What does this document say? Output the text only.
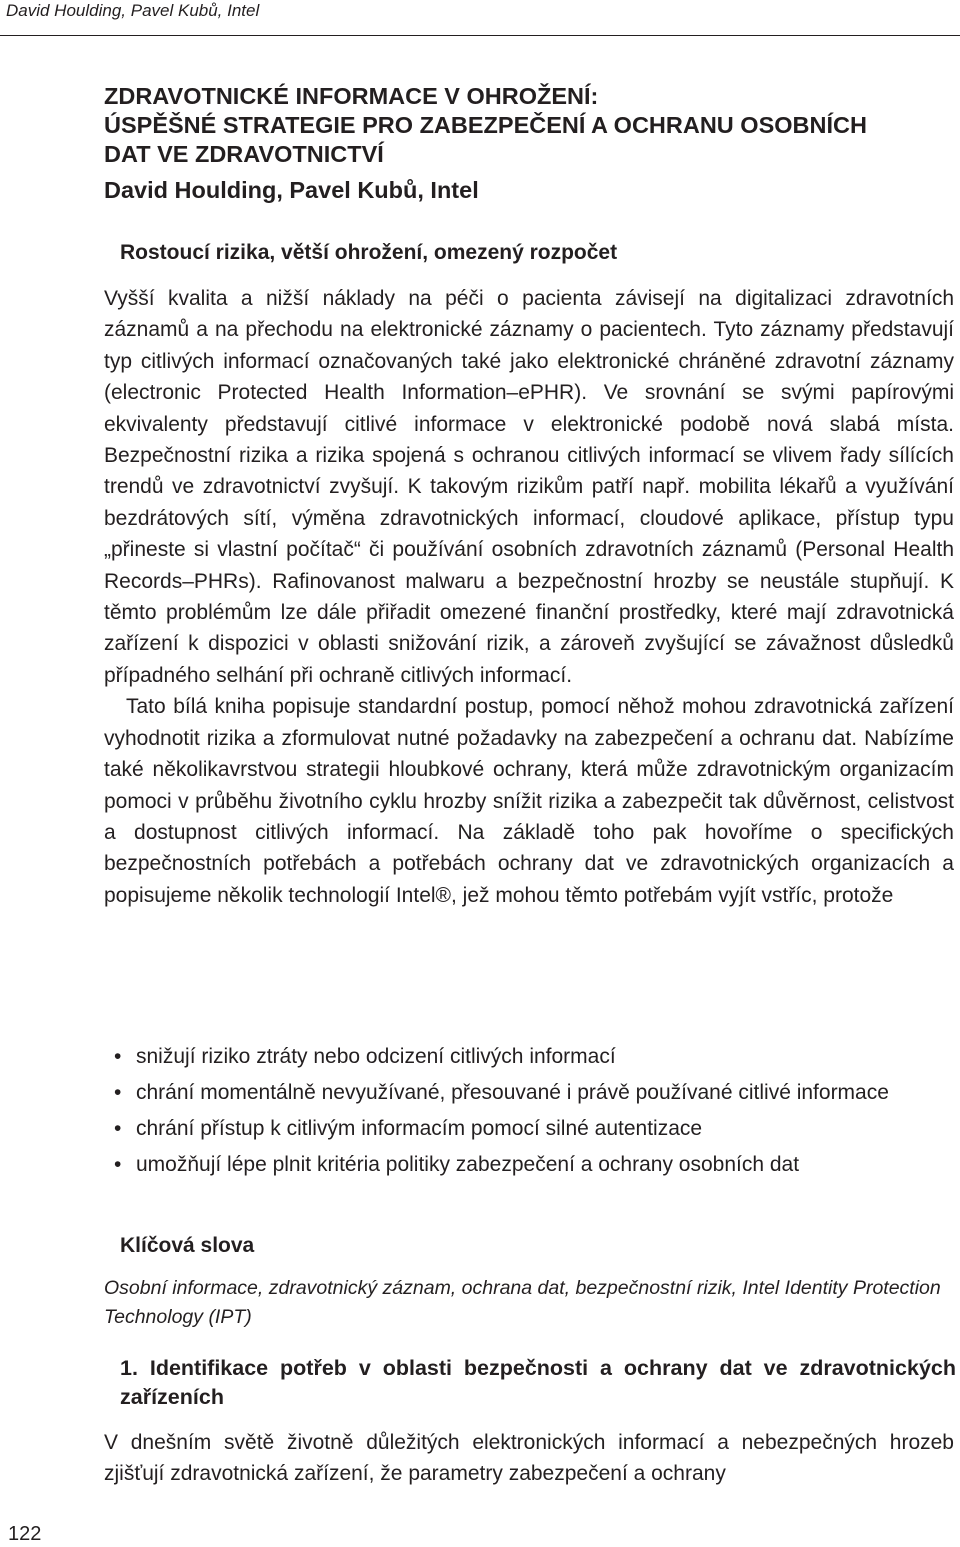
David Houlding, Pavel Kubů, Intel
ZDRAVOTNICKÉ INFORMACE V OHROŽENÍ:
ÚSPĚŠNÉ STRATEGIE PRO ZABEZPEČENÍ A OCHRANU OSOBNÍCH
DAT VE ZDRAVOTNICTVÍ
David Houlding, Pavel Kubů, Intel
Rostoucí rizika, větší ohrožení, omezený rozpočet

Vyšší kvalita a nižší náklady na péči o pacienta závisejí na digitalizaci zdravotních záznamů a na přechodu na elektronické záznamy o pacientech. Tyto záznamy představují typ citlivých informací označovaných také jako elektronické chráněné zdravotní záznamy (electronic Protected Health Information–ePHR). Ve srovnání se svými papírovými ekvivalenty představují citlivé informace v elektronické podobě nová slabá místa. Bezpečnostní rizika a rizika spojená s ochranou citlivých informací se vlivem řady sílících trendů ve zdravotnictví zvyšují. K takovým rizikům patří např. mobilita lékařů a využívání bezdrátových sítí, výměna zdravotnických informací, cloudové aplikace, přístup typu „přineste si vlastní počítač“ či používání osobních zdravotních záznamů (Personal Health Records–PHRs). Rafinovanost malwaru a bezpečnostní hrozby se neustále stupňují. K těmto problémům lze dále přiřadit omezené finanční prostředky, které mají zdravotnická zařízení k dispozici v oblasti snižování rizik, a zároveň zvyšující se závažnost důsledků případného selhání při ochraně citlivých informací.

Tato bílá kniha popisuje standardní postup, pomocí něhož mohou zdravotnická zařízení vyhodnotit rizika a zformulovat nutné požadavky na zabezpečení a ochranu dat. Nabízíme také několikavrstvou strategii hloubkové ochrany, která může zdravotnickým organizacím pomoci v průběhu životního cyklu hrozby snížit rizika a zabezpečit tak důvěrnost, celistvost a dostupnost citlivých informací. Na základě toho pak hovoříme o specifických bezpečnostních potřebách a potřebách ochrany dat ve zdravotnických organizacích a popisujeme několik technologií Intel®, jež mohou těmto potřebám vyjít vstříc, protože

• snižují riziko ztráty nebo odcizení citlivých informací
• chrání momentálně nevyužívané, přesouvané i právě používané citlivé informace
• chrání přístup k citlivým informacím pomocí silné autentizace
• umožňují lépe plnit kritéria politiky zabezpečení a ochrany osobních dat
Klíčová slova
Osobní informace, zdravotnický záznam, ochrana dat, bezpečnostní rizik, Intel Identity Protection Technology (IPT)
1. Identifikace potřeb v oblasti bezpečnosti a ochrany dat ve zdravotnických zařízeních

V dnešním světě životně důležitých elektronických informací a nebezpečných hrozeb zjišťují zdravotnická zařízení, že parametry zabezpečení a ochrany

122
